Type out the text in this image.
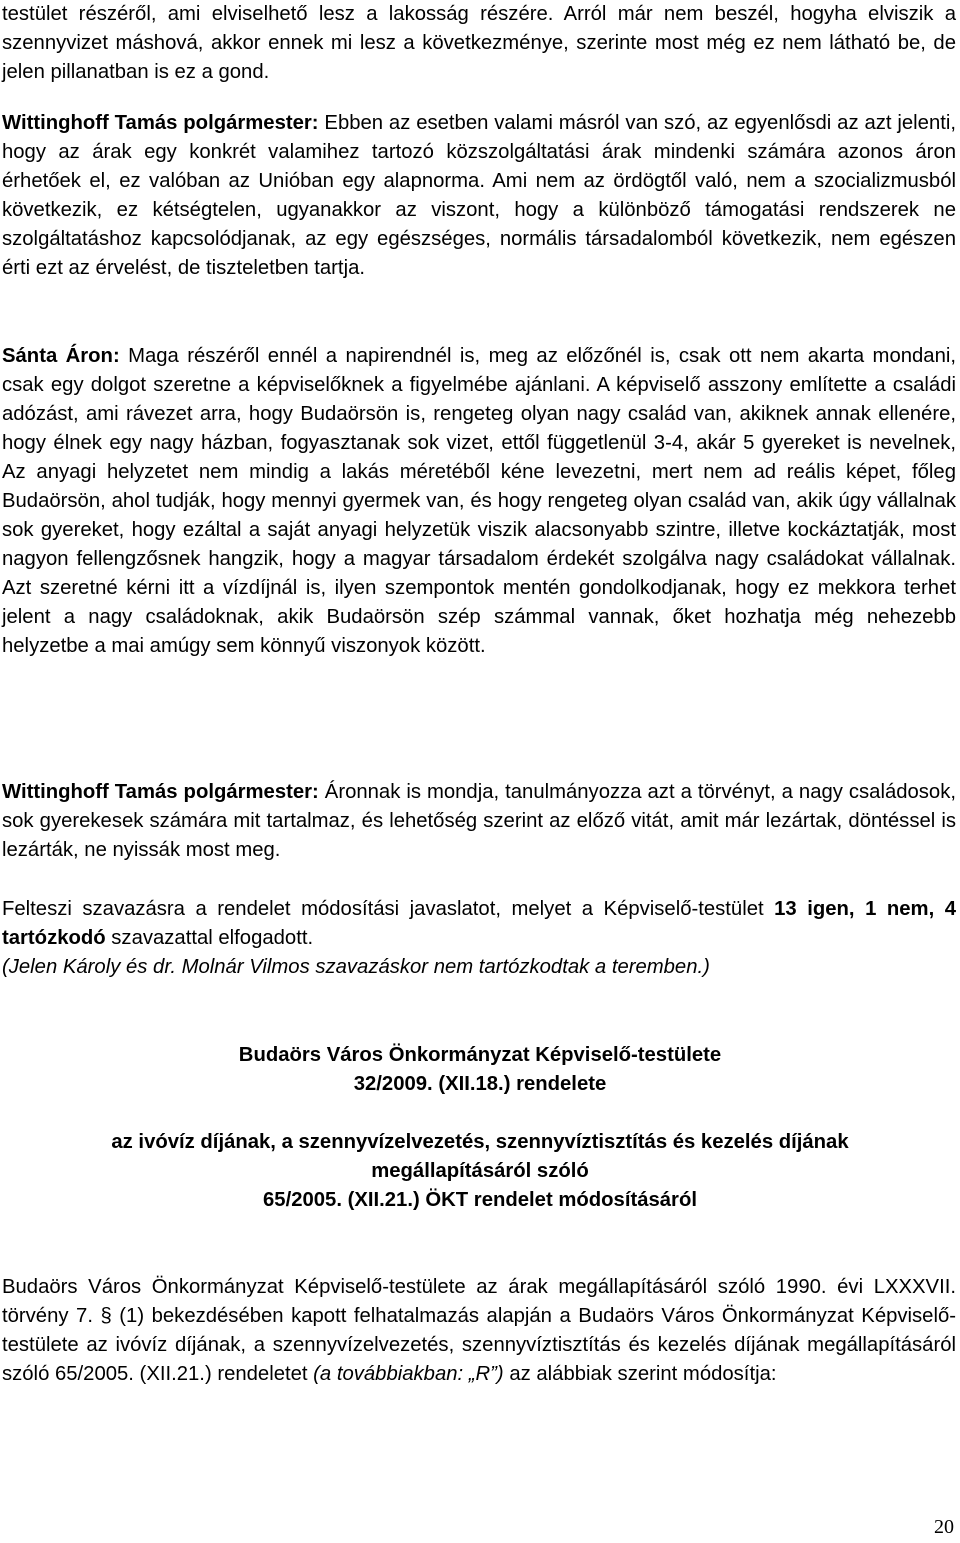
testület részéről, ami elviselhető lesz a lakosság részére. Arról már nem beszél, hogyha elviszik a szennyvizet máshová, akkor ennek mi lesz a következménye, szerinte most még ez nem látható be, de jelen pillanatban is ez a gond.

Wittinghoff Tamás polgármester: Ebben az esetben valami másról van szó, az egyenlősdi az azt jelenti, hogy az árak egy konkrét valamihez tartozó közszolgáltatási árak mindenki számára azonos áron érhetőek el, ez valóban az Unióban egy alapnorma. Ami nem az ördögtől való, nem a szocializmusból következik, ez kétségtelen, ugyanakkor az viszont, hogy a különböző támogatási rendszerek ne szolgáltatáshoz kapcsolódjanak, az egy egészséges, normális társadalomból következik, nem egészen érti ezt az érvelést, de tiszteletben tartja.

Sánta Áron: Maga részéről ennél a napirendnél is, meg az előzőnél is, csak ott nem akarta mondani, csak egy dolgot szeretne a képviselőknek a figyelmébe ajánlani. A képviselő asszony említette a családi adózást, ami rávezet arra, hogy Budaörsön is, rengeteg olyan nagy család van, akiknek annak ellenére, hogy élnek egy nagy házban, fogyasztanak sok vizet, ettől függetlenül 3-4, akár 5 gyereket is nevelnek, Az anyagi helyzetet nem mindig a lakás méretéből kéne levezetni, mert nem ad reális képet, főleg Budaörsön, ahol tudják, hogy mennyi gyermek van, és hogy rengeteg olyan család van, akik úgy vállalnak sok gyereket, hogy ezáltal a saját anyagi helyzetük viszik alacsonyabb szintre, illetve kockáztatják, most nagyon fellengzősnek hangzik, hogy a magyar társadalom érdekét szolgálva nagy családokat vállalnak. Azt szeretné kérni itt a vízdíjnál is, ilyen szempontok mentén gondolkodjanak, hogy ez mekkora terhet jelent a nagy családoknak, akik Budaörsön szép számmal vannak, őket hozhatja még nehezebb helyzetbe a mai amúgy sem könnyű viszonyok között.

Wittinghoff Tamás polgármester: Áronnak is mondja, tanulmányozza azt a törvényt, a nagy családosok, sok gyerekesek számára mit tartalmaz, és lehetőség szerint az előző vitát, amit már lezártak, döntéssel is lezárták, ne nyissák most meg.

Felteszi szavazásra a rendelet módosítási javaslatot, melyet a Képviselő-testület 13 igen, 1 nem, 4 tartózkodó szavazattal elfogadott.
(Jelen Károly és dr. Molnár Vilmos szavazáskor nem tartózkodtak a teremben.)

Budaörs Város Önkormányzat Képviselő-testülete

32/2009. (XII.18.) rendelete

az ivóvíz díjának, a szennyvízelvezetés, szennyvíztisztítás és kezelés díjának

megállapításáról szóló

65/2005. (XII.21.) ÖKT rendelet módosításáról

Budaörs Város Önkormányzat Képviselő-testülete az árak megállapításáról szóló 1990. évi LXXXVII. törvény 7. § (1) bekezdésében kapott felhatalmazás alapján a Budaörs Város Önkormányzat Képviselő-testülete az ivóvíz díjának, a szennyvízelvezetés, szennyvíztisztítás és kezelés díjának megállapításáról szóló 65/2005. (XII.21.) rendeletet (a továbbiakban: „R”) az alábbiak szerint módosítja:

20
